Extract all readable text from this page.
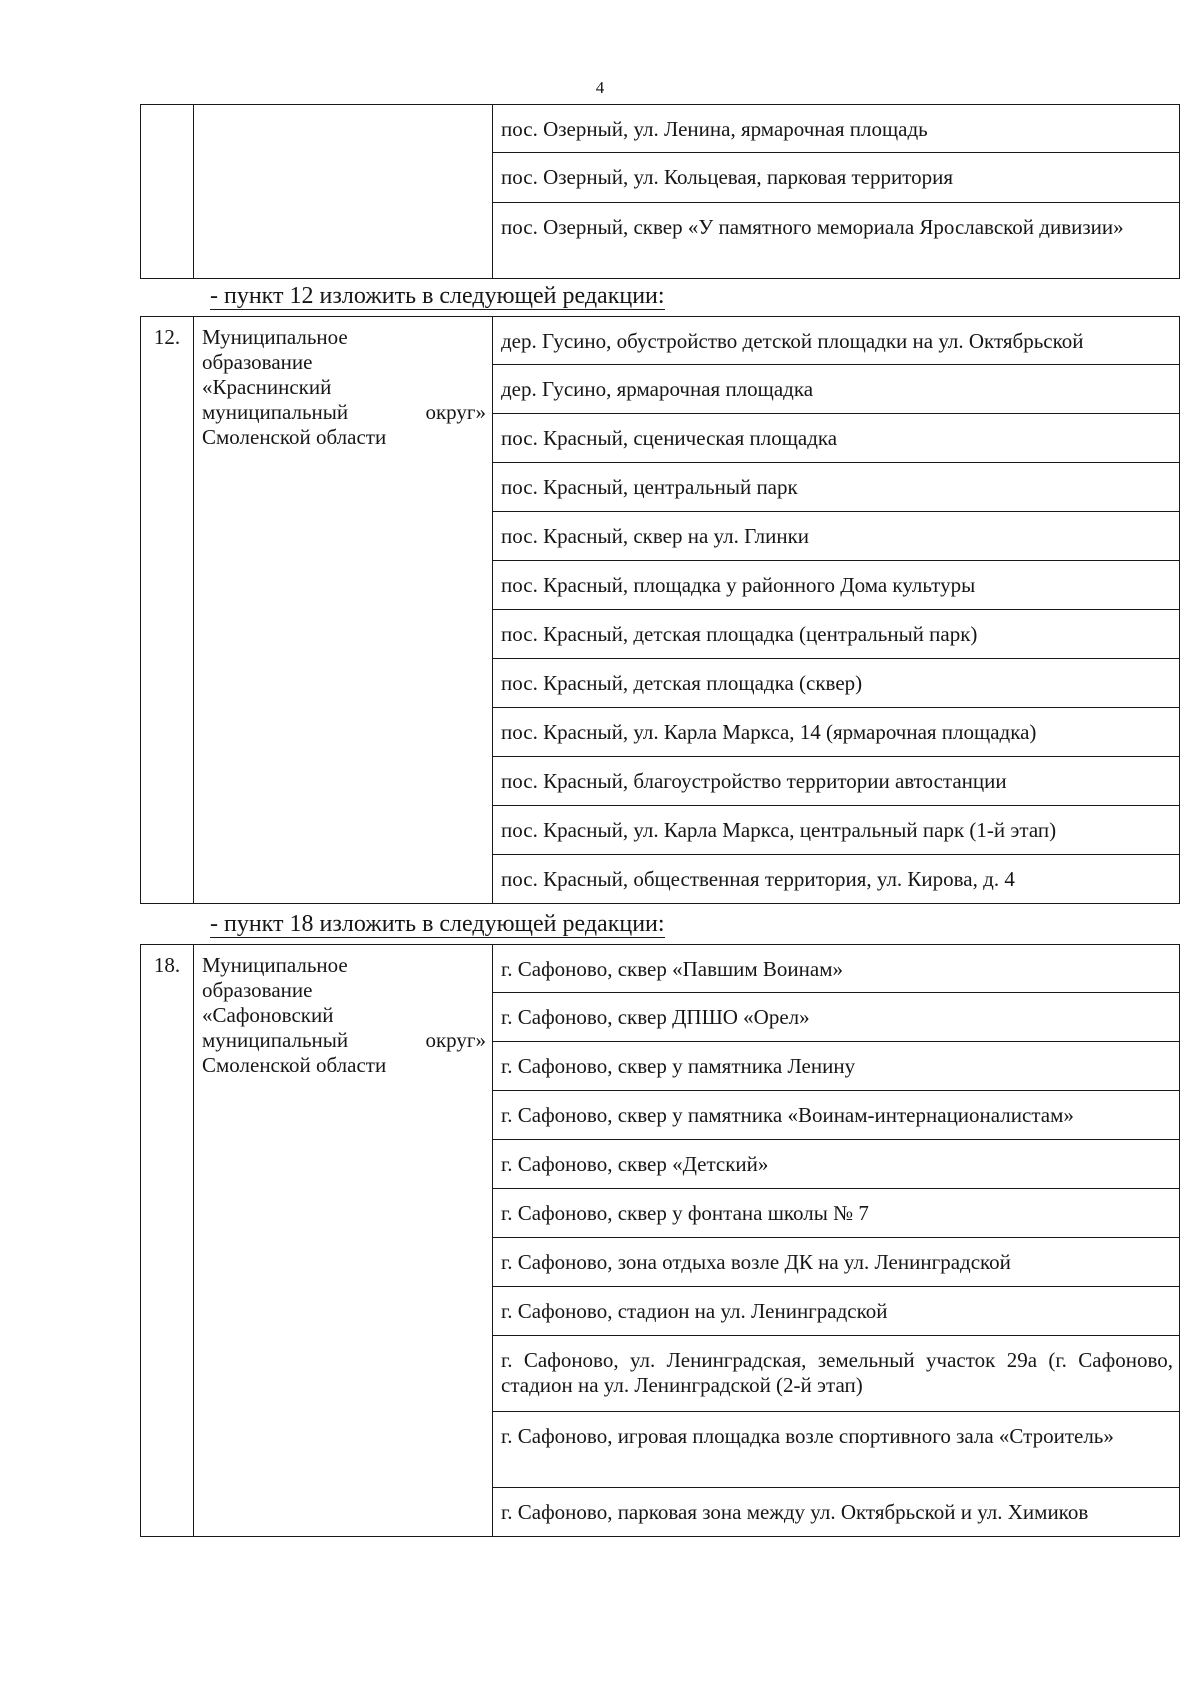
4
		пос. Озерный, ул. Ленина, ярмарочная площадь
пос. Озерный, ул. Кольцевая, парковая территория
пос. Озерный, сквер «У памятного мемориала Ярославской дивизии»
- пункт 12 изложить в следующей редакции:
12.	Муниципальное
образование
«Краснинский
муниципальный	округ»
Смоленской области
	дер. Гусино, обустройство детской площадки на ул. Октябрьской
дер. Гусино, ярмарочная площадка
пос. Красный, сценическая площадка
пос. Красный, центральный парк
пос. Красный, сквер на ул. Глинки
пос. Красный, площадка у районного Дома культуры
пос. Красный, детская площадка (центральный парк)
пос. Красный, детская площадка (сквер)
пос. Красный, ул. Карла Маркса, 14 (ярмарочная площадка)
пос. Красный, благоустройство территории автостанции
пос. Красный, ул. Карла Маркса, центральный парк (1-й этап)
пос. Красный, общественная территория, ул. Кирова, д. 4
- пункт 18 изложить в следующей редакции:
18.	Муниципальное
образование
«Сафоновский
муниципальный	округ»
Смоленской области
	г. Сафоново, сквер «Павшим Воинам»
г. Сафоново, сквер ДПШО «Орел»
г. Сафоново, сквер у памятника Ленину
г. Сафоново, сквер у памятника «Воинам-интернационалистам»
г. Сафоново, сквер «Детский»
г. Сафоново, сквер у фонтана школы № 7
г. Сафоново, зона отдыха возле ДК на ул. Ленинградской
г. Сафоново, стадион на ул. Ленинградской
г. Сафоново, ул. Ленинградская, земельный участок 29а (г. Сафоново, стадион на ул. Ленинградской (2-й этап)
г. Сафоново, игровая площадка возле спортивного зала «Строитель»
г. Сафоново, парковая зона между ул. Октябрьской и ул. Химиков
